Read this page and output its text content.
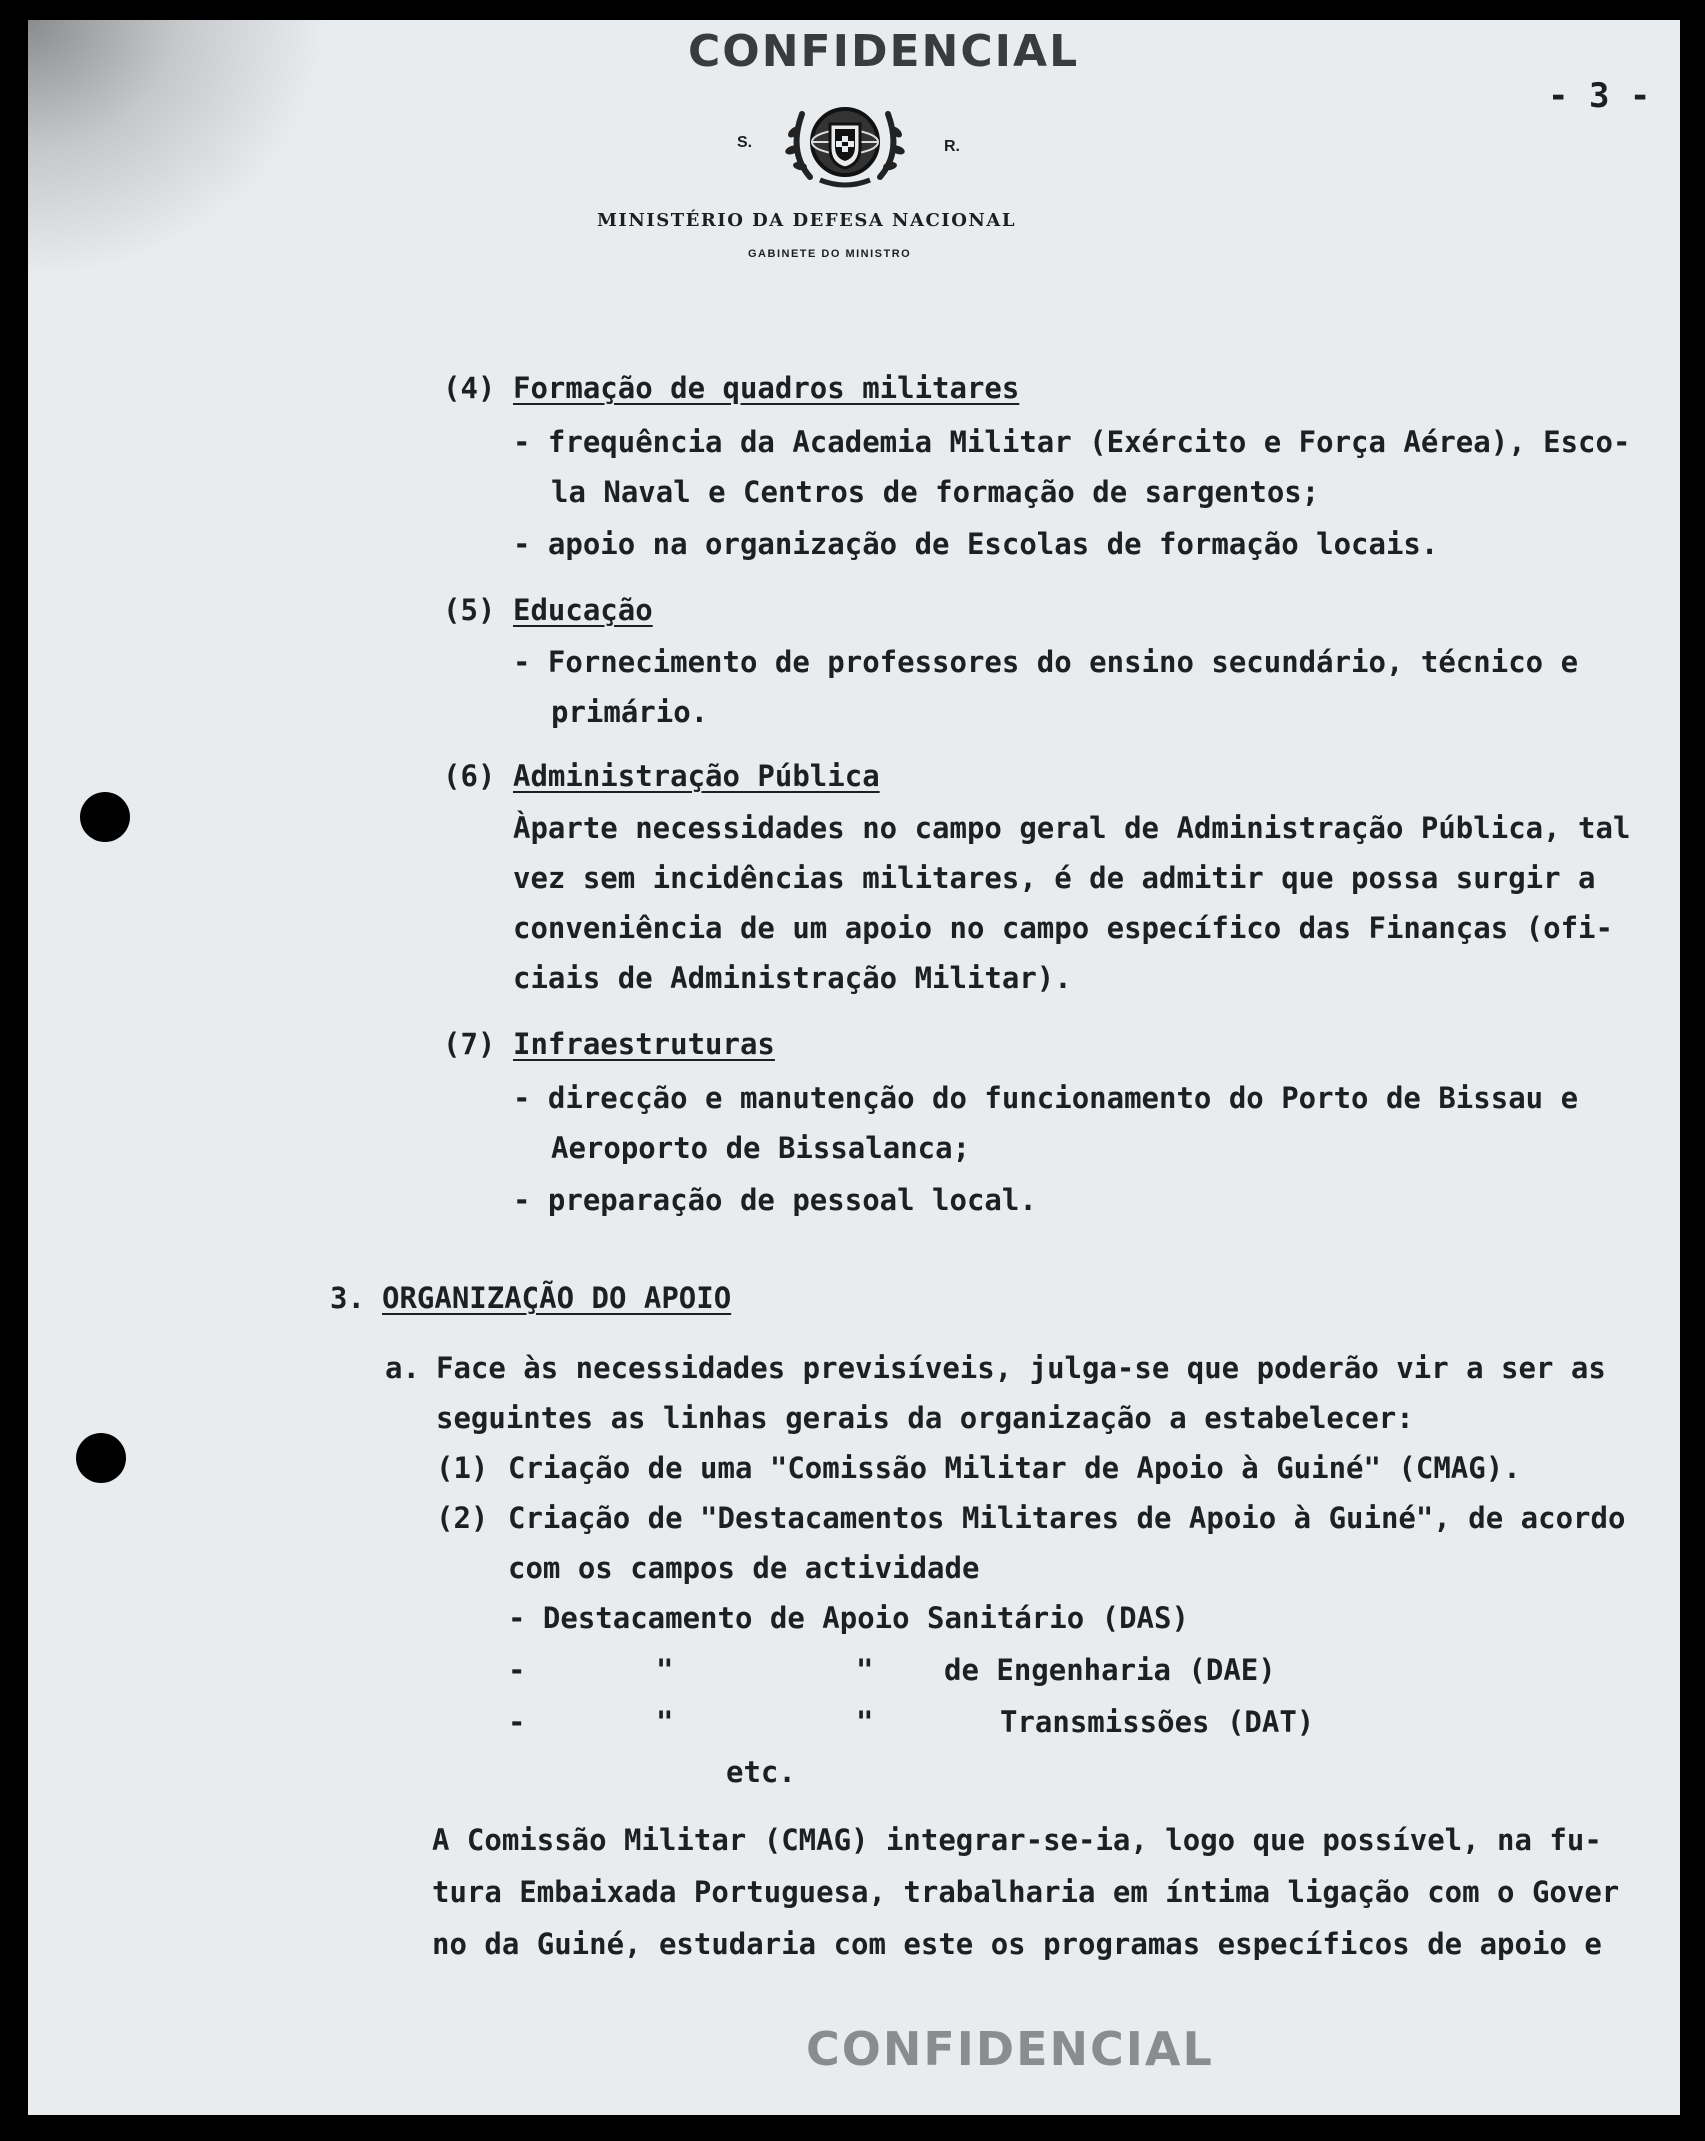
CONFIDENCIAL
- 3 -
S.	R.
MINISTÉRIO DA DEFESA NACIONAL
GABINETE DO MINISTRO
(4) Formação de quadros militares
- frequência da Academia Militar (Exército e Força Aérea), Esco-
la Naval e Centros de formação de sargentos;
- apoio na organização de Escolas de formação locais.
(5) Educação
- Fornecimento de professores do ensino secundário, técnico e
primário.
(6) Administração Pública
Àparte necessidades no campo geral de Administração Pública, tal
vez sem incidências militares, é de admitir que possa surgir a
conveniência de um apoio no campo específico das Finanças (ofi-
ciais de Administração Militar).
(7) Infraestruturas
- direcção e manutenção do funcionamento do Porto de Bissau e
Aeroporto de Bissalanca;
- preparação de pessoal local.
3. ORGANIZAÇÃO DO APOIO
a. Face às necessidades previsíveis, julga-se que poderão vir a ser as
seguintes as linhas gerais da organização a estabelecer:
(1) Criação de uma "Comissão Militar de Apoio à Guiné" (CMAG).
(2) Criação de "Destacamentos Militares de Apoio à Guiné", de acordo
com os campos de actividade
- Destacamento de Apoio Sanitário (DAS)
-	"	" de Engenharia (DAE)
-	"	"	Transmissões (DAT)
etc.
A Comissão Militar (CMAG) integrar-se-ia, logo que possível, na fu-
tura Embaixada Portuguesa, trabalharia em íntima ligação com o Gover
no da Guiné, estudaria com este os programas específicos de apoio e
CONFIDENCIAL
